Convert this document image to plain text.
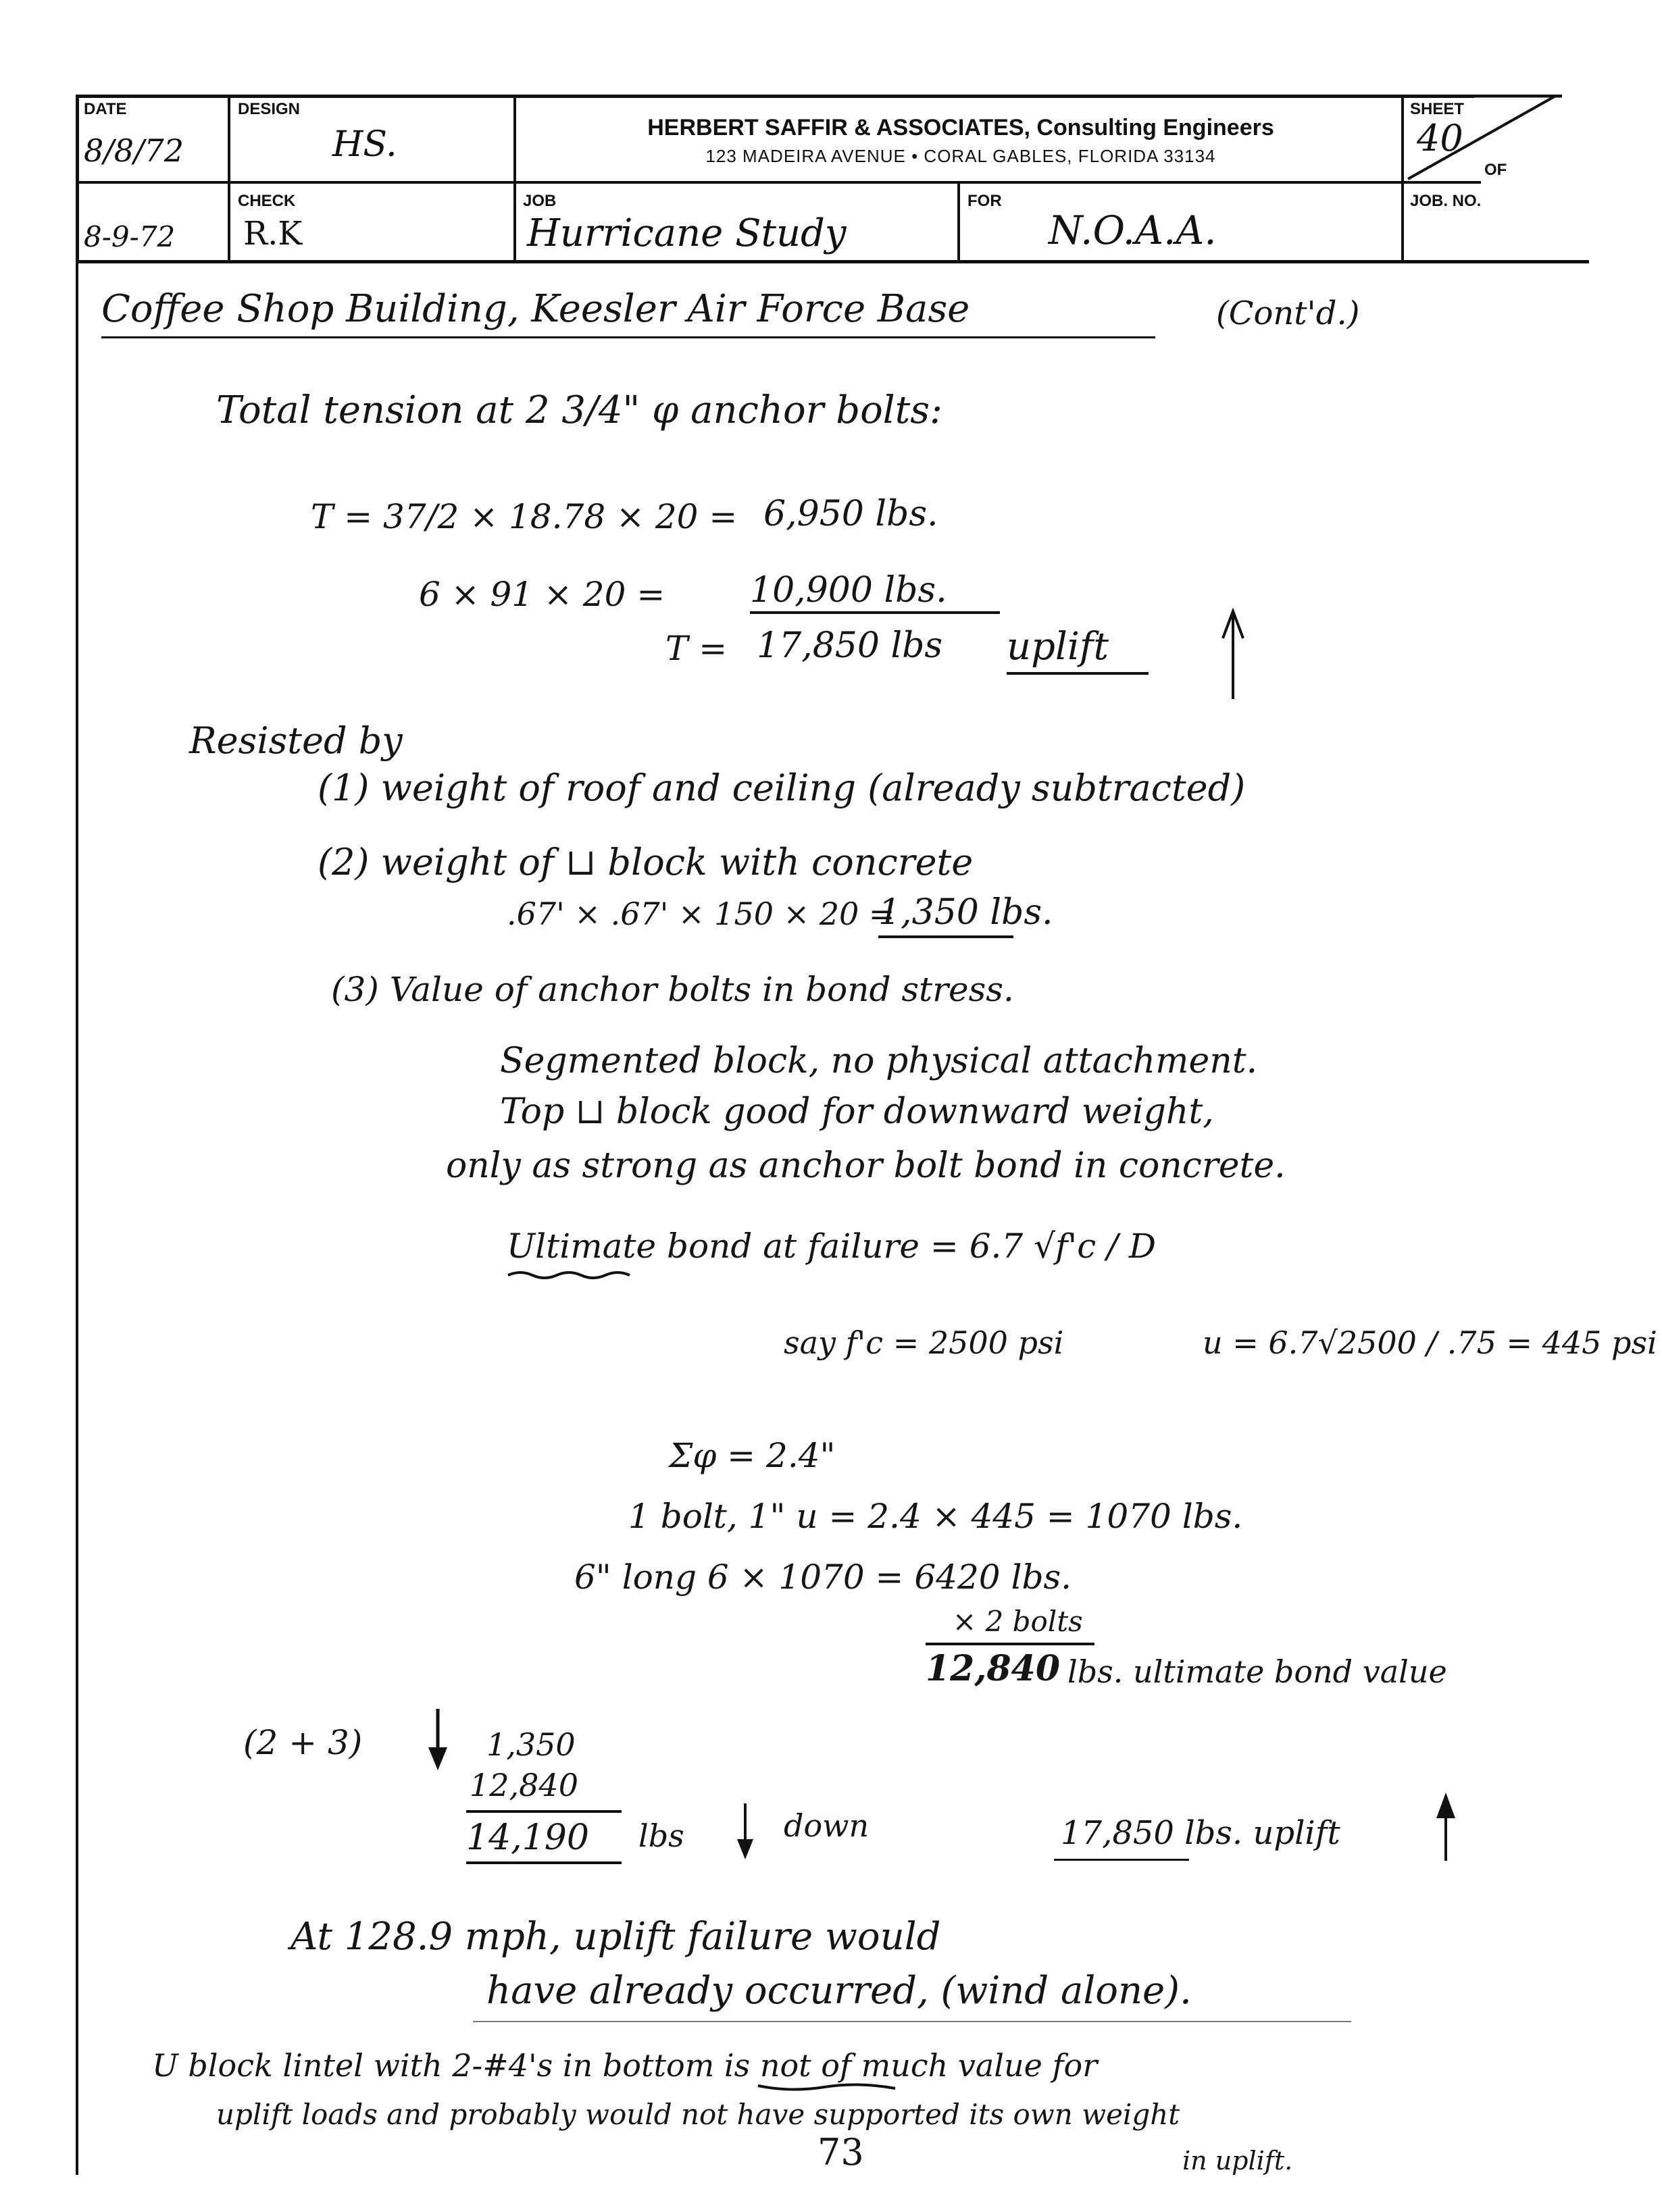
DATE
8/8/72
DESIGN
HS.	HERBERT SAFFIR & ASSOCIATES, Consulting Engineers
123 MADEIRA AVENUE • CORAL GABLES, FLORIDA 33134
SHEET
40
OF
8-9-72
CHECK
R.K
JOB
Hurricane Study
FOR
N.O.A.A.
JOB. NO.
Coffee Shop Building, Keesler Air Force Base	(Cont'd.)
Total tension at 2 3/4" φ anchor bolts:
T = 37/2 × 18.78 × 20 = 6,950 lbs.
6 × 91 × 20 = 10,900 lbs.
T = 17,850 lbs uplift
Resisted by
(1) weight of roof and ceiling (already subtracted)
(2) weight of ⊔ block with concrete
.67' × .67' × 150 × 20 =
1,350 lbs.
(3) Value of anchor bolts in bond stress.
Segmented block, no physical attachment.
Top ⊔ block good for downward weight,
only as strong as anchor bolt bond in concrete.
Ultimate bond at failure = 6.7 √f'c / D
say f'c = 2500 psi	u = 6.7√2500 / .75 = 445 psi
Σφ = 2.4"
1 bolt, 1" u = 2.4 × 445 = 1070 lbs.
6" long 6 × 1070 = 6420 lbs.
× 2 bolts
12,840 lbs. ultimate bond value
(2 + 3)	1,350
12,840
14,190 lbs	down	17,850 lbs. uplift
At 128.9 mph, uplift failure would
have already occurred, (wind alone).
U block lintel with 2-#4's in bottom is not of much value for
uplift loads and probably would not have supported its own weight
in uplift.
73
